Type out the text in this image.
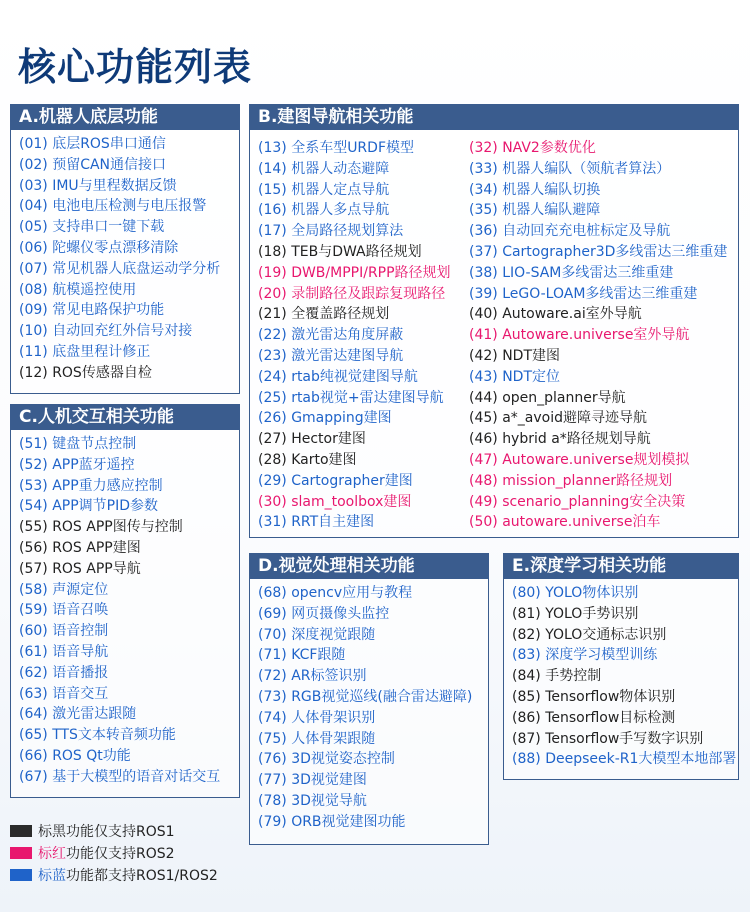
核心功能列表
A.机器人底层功能
(01) 底层ROS串口通信
(02) 预留CAN通信接口
(03) IMU与里程数据反馈
(04) 电池电压检测与电压报警
(05) 支持串口一键下载
(06) 陀螺仪零点漂移清除
(07) 常见机器人底盘运动学分析
(08) 航模遥控使用
(09) 常见电路保护功能
(10) 自动回充红外信号对接
(11) 底盘里程计修正
(12) ROS传感器自检
B.建图导航相关功能
(13) 全系车型URDF模型
(14) 机器人动态避障
(15) 机器人定点导航
(16) 机器人多点导航
(17) 全局路径规划算法
(18) TEB与DWA路径规划
(19) DWB/MPPI/RPP路径规划
(20) 录制路径及跟踪复现路径
(21) 全覆盖路径规划
(22) 激光雷达角度屏蔽
(23) 激光雷达建图导航
(24) rtab纯视觉建图导航
(25) rtab视觉+雷达建图导航
(26) Gmapping建图
(27) Hector建图
(28) Karto建图
(29) Cartographer建图
(30) slam_toolbox建图
(31) RRT自主建图
(32) NAV2参数优化
(33) 机器人编队（领航者算法）
(34) 机器人编队切换
(35) 机器人编队避障
(36) 自动回充充电桩标定及导航
(37) Cartographer3D多线雷达三维重建
(38) LIO-SAM多线雷达三维重建
(39) LeGO-LOAM多线雷达三维重建
(40) Autoware.ai室外导航
(41) Autoware.universe室外导航
(42) NDT建图
(43) NDT定位
(44) open_planner导航
(45) a*_avoid避障寻迹导航
(46) hybrid a*路径规划导航
(47) Autoware.universe规划模拟
(48) mission_planner路径规划
(49) scenario_planning安全决策
(50) autoware.universe泊车
C.人机交互相关功能
(51) 键盘节点控制
(52) APP蓝牙遥控
(53) APP重力感应控制
(54) APP调节PID参数
(55) ROS APP图传与控制
(56) ROS APP建图
(57) ROS APP导航
(58) 声源定位
(59) 语音召唤
(60) 语音控制
(61) 语音导航
(62) 语音播报
(63) 语音交互
(64) 激光雷达跟随
(65) TTS文本转音频功能
(66) ROS Qt功能
(67) 基于大模型的语音对话交互
D.视觉处理相关功能
(68) opencv应用与教程
(69) 网页摄像头监控
(70) 深度视觉跟随
(71) KCF跟随
(72) AR标签识别
(73) RGB视觉巡线(融合雷达避障)
(74) 人体骨架识别
(75) 人体骨架跟随
(76) 3D视觉姿态控制
(77) 3D视觉建图
(78) 3D视觉导航
(79) ORB视觉建图功能
E.深度学习相关功能
(80) YOLO物体识别
(81) YOLO手势识别
(82) YOLO交通标志识别
(83) 深度学习模型训练
(84) 手势控制
(85) Tensorflow物体识别
(86) Tensorflow目标检测
(87) Tensorflow手写数字识别
(88) Deepseek-R1大模型本地部署
标黑 功能仅支持ROS1
标红 功能仅支持ROS2
标蓝 功能都支持ROS1/ROS2
